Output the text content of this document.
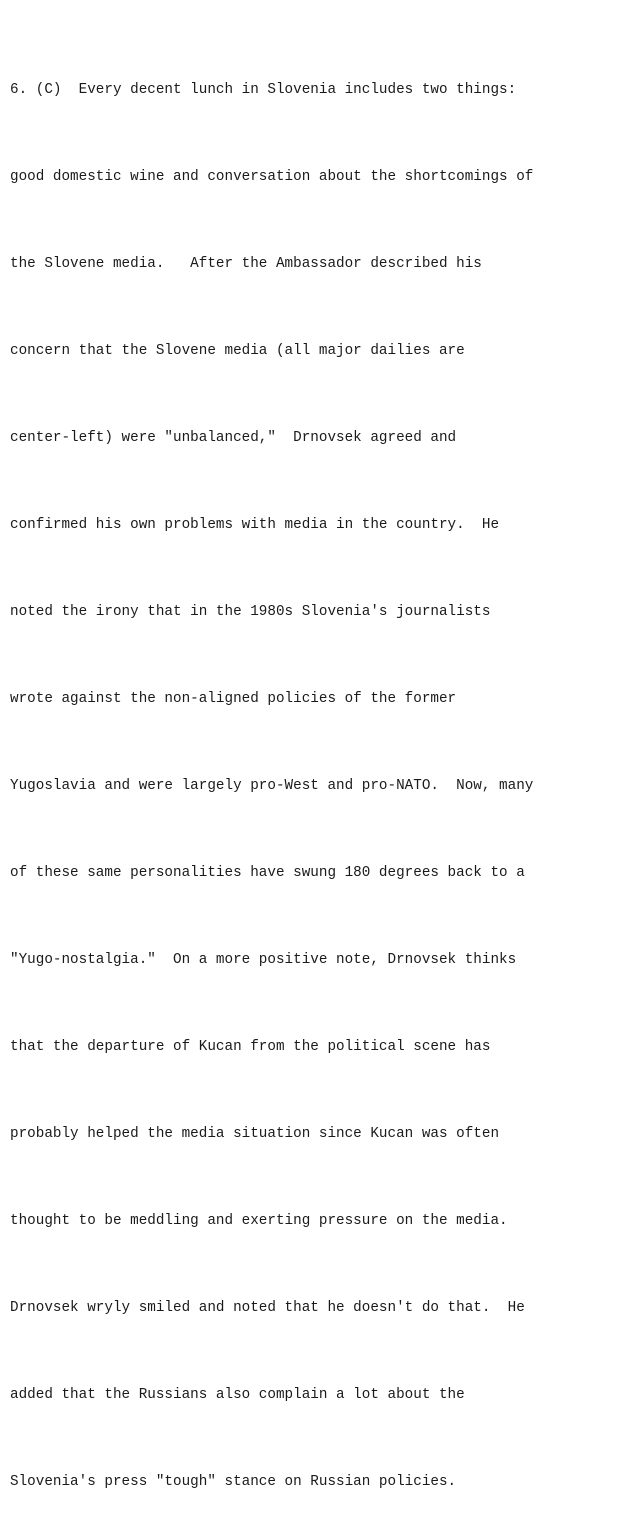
6. (C)  Every decent lunch in Slovenia includes two things:

good domestic wine and conversation about the shortcomings of

the Slovene media.   After the Ambassador described his

concern that the Slovene media (all major dailies are

center-left) were "unbalanced,"  Drnovsek agreed and

confirmed his own problems with media in the country.  He

noted the irony that in the 1980s Slovenia's journalists

wrote against the non-aligned policies of the former

Yugoslavia and were largely pro-West and pro-NATO.  Now, many

of these same personalities have swung 180 degrees back to a

"Yugo-nostalgia."  On a more positive note, Drnovsek thinks

that the departure of Kucan from the political scene has

probably helped the media situation since Kucan was often

thought to be meddling and exerting pressure on the media.

Drnovsek wryly smiled and noted that he doesn't do that.  He

added that the Russians also complain a lot about the

Slovenia's press "tough" stance on Russian policies.
